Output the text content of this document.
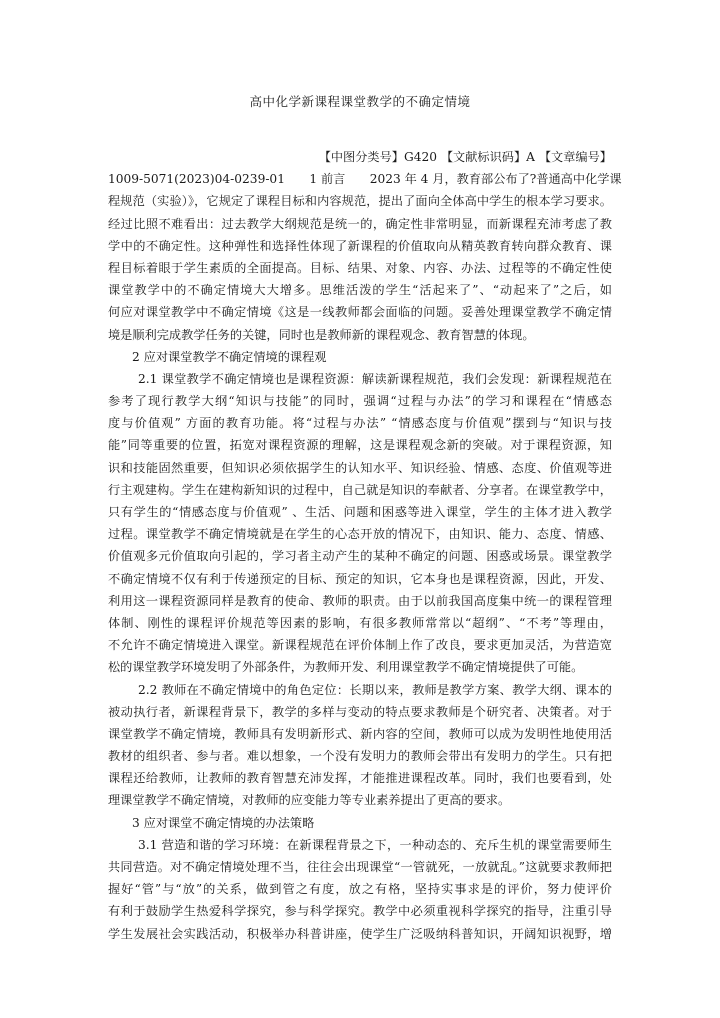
高中化学新课程课堂教学的不确定情境
【中图分类号】G420 【文献标识码】A 【文章编号】
1009-5071(2023)04-0239-01　　1 前言　　2023 年 4 月，教育部公布了?普通高中化学课
程规范（实验）》，它规定了课程目标和内容规范，提出了面向全体高中学生的根本学习要求。
经过比照不难看出：过去教学大纲规范是统一的，确定性非常明显，而新课程充沛考虑了教
学中的不确定性。这种弹性和选择性体现了新课程的价值取向从精英教育转向群众教育、课
程目标着眼于学生素质的全面提高。目标、结果、对象、内容、办法、过程等的不确定性使
课堂教学中的不确定情境大大增多。思维活泼的学生“活起来了”、“动起来了”之后，如
何应对课堂教学中不确定情境《这是一线教师都会面临的问题。妥善处理课堂教学不确定情
境是顺利完成教学任务的关键，同时也是教师新的课程观念、教育智慧的体现。
2 应对课堂教学不确定情境的课程观
2.1 课堂教学不确定情境也是课程资源：解读新课程规范，我们会发现：新课程规范在
参考了现行教学大纲“知识与技能”的同时，强调“过程与办法”的学习和课程在“情感态
度与价值观” 方面的教育功能。将“过程与办法” “情感态度与价值观”摆到与“知识与技
能”同等重要的位置，拓宽对课程资源的理解，这是课程观念新的突破。对于课程资源，知
识和技能固然重要，但知识必须依据学生的认知水平、知识经验、情感、态度、价值观等进
行主观建构。学生在建构新知识的过程中，自己就是知识的奉献者、分享者。在课堂教学中，
只有学生的“情感态度与价值观” 、生活、问题和困惑等进入课堂，学生的主体才进入教学
过程。课堂教学不确定情境就是在学生的心态开放的情况下，由知识、能力、态度、情感、
价值观多元价值取向引起的，学习者主动产生的某种不确定的问题、困惑或场景。课堂教学
不确定情境不仅有利于传递预定的目标、预定的知识，它本身也是课程资源，因此，开发、
利用这一课程资源同样是教育的使命、教师的职责。由于以前我国高度集中统一的课程管理
体制、刚性的课程评价规范等因素的影响，有很多教师常常以“超纲”、“不考”等理由，
不允许不确定情境进入课堂。新课程规范在评价体制上作了改良，要求更加灵活，为营造宽
松的课堂教学环境发明了外部条件，为教师开发、利用课堂教学不确定情境提供了可能。
2.2 教师在不确定情境中的角色定位：长期以来，教师是教学方案、教学大纲、课本的
被动执行者，新课程背景下，教学的多样与变动的特点要求教师是个研究者、决策者。对于
课堂教学不确定情境，教师具有发明新形式、新内容的空间，教师可以成为发明性地使用活
教材的组织者、参与者。难以想象，一个没有发明力的教师会带出有发明力的学生。只有把
课程还给教师，让教师的教育智慧充沛发挥，才能推进课程改革。同时，我们也要看到，处
理课堂教学不确定情境，对教师的应变能力等专业素养提出了更高的要求。
3 应对课堂不确定情境的办法策略
3.1 营造和谐的学习环境：在新课程背景之下，一种动态的、充斥生机的课堂需要师生
共同营造。对不确定情境处理不当，往往会出现课堂“一管就死，一放就乱。”这就要求教师把
握好“管”与“放”的关系，做到管之有度，放之有格，坚持实事求是的评价，努力使评价
有利于鼓励学生热爱科学探究，参与科学探究。教学中必须重视科学探究的指导，注重引导
学生发展社会实践活动，积极举办科普讲座，使学生广泛吸纳科普知识，开阔知识视野，增
